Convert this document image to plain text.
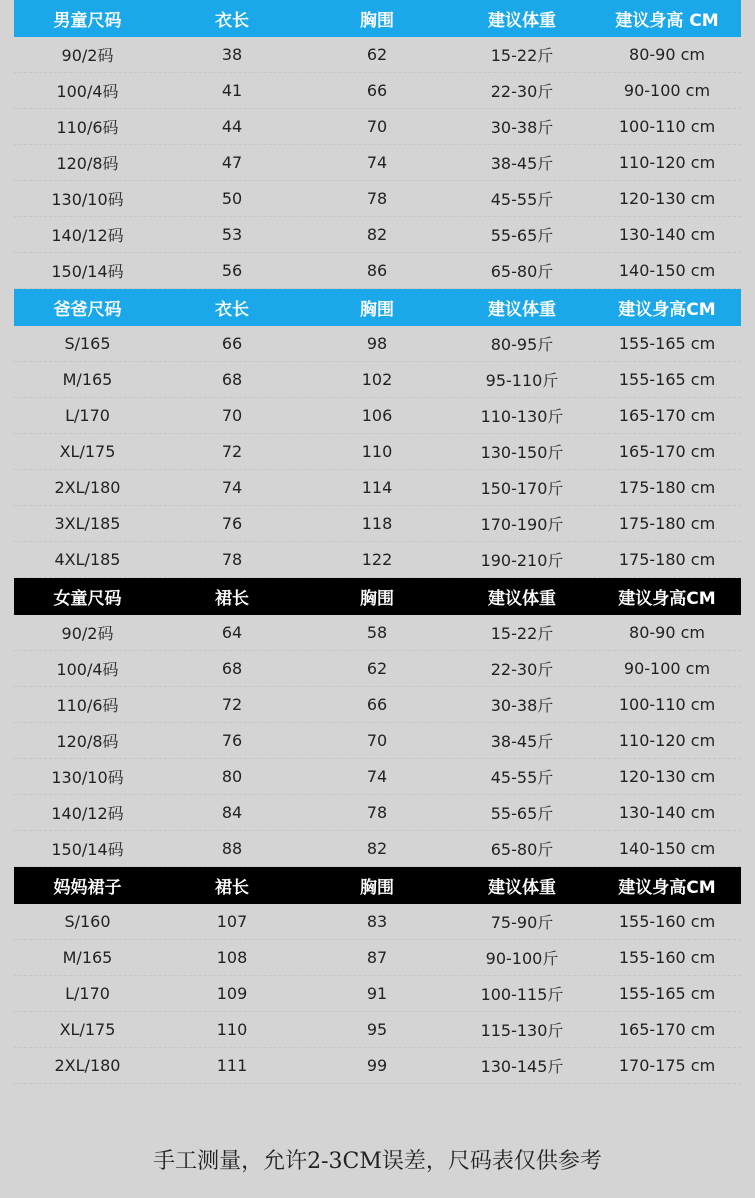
男童尺码	衣长	胸围	建议体重	建议身高 CM
90/2码	38	62	15-22斤	80-90 cm
100/4码	41	66	22-30斤	90-100 cm
110/6码	44	70	30-38斤	100-110 cm
120/8码	47	74	38-45斤	110-120 cm
130/10码	50	78	45-55斤	120-130 cm
140/12码	53	82	55-65斤	130-140 cm
150/14码	56	86	65-80斤	140-150 cm
爸爸尺码	衣长	胸围	建议体重	建议身高CM
S/165	66	98	80-95斤	155-165 cm
M/165	68	102	95-110斤	155-165 cm
L/170	70	106	110-130斤	165-170 cm
XL/175	72	110	130-150斤	165-170 cm
2XL/180	74	114	150-170斤	175-180 cm
3XL/185	76	118	170-190斤	175-180 cm
4XL/185	78	122	190-210斤	175-180 cm
女童尺码	裙长	胸围	建议体重	建议身高CM
90/2码	64	58	15-22斤	80-90 cm
100/4码	68	62	22-30斤	90-100 cm
110/6码	72	66	30-38斤	100-110 cm
120/8码	76	70	38-45斤	110-120 cm
130/10码	80	74	45-55斤	120-130 cm
140/12码	84	78	55-65斤	130-140 cm
150/14码	88	82	65-80斤	140-150 cm
妈妈裙子	裙长	胸围	建议体重	建议身高CM
S/160	107	83	75-90斤	155-160 cm
M/165	108	87	90-100斤	155-160 cm
L/170	109	91	100-115斤	155-165 cm
XL/175	110	95	115-130斤	165-170 cm
2XL/180	111	99	130-145斤	170-175 cm
手工测量，允许2-3CM误差，尺码表仅供参考
